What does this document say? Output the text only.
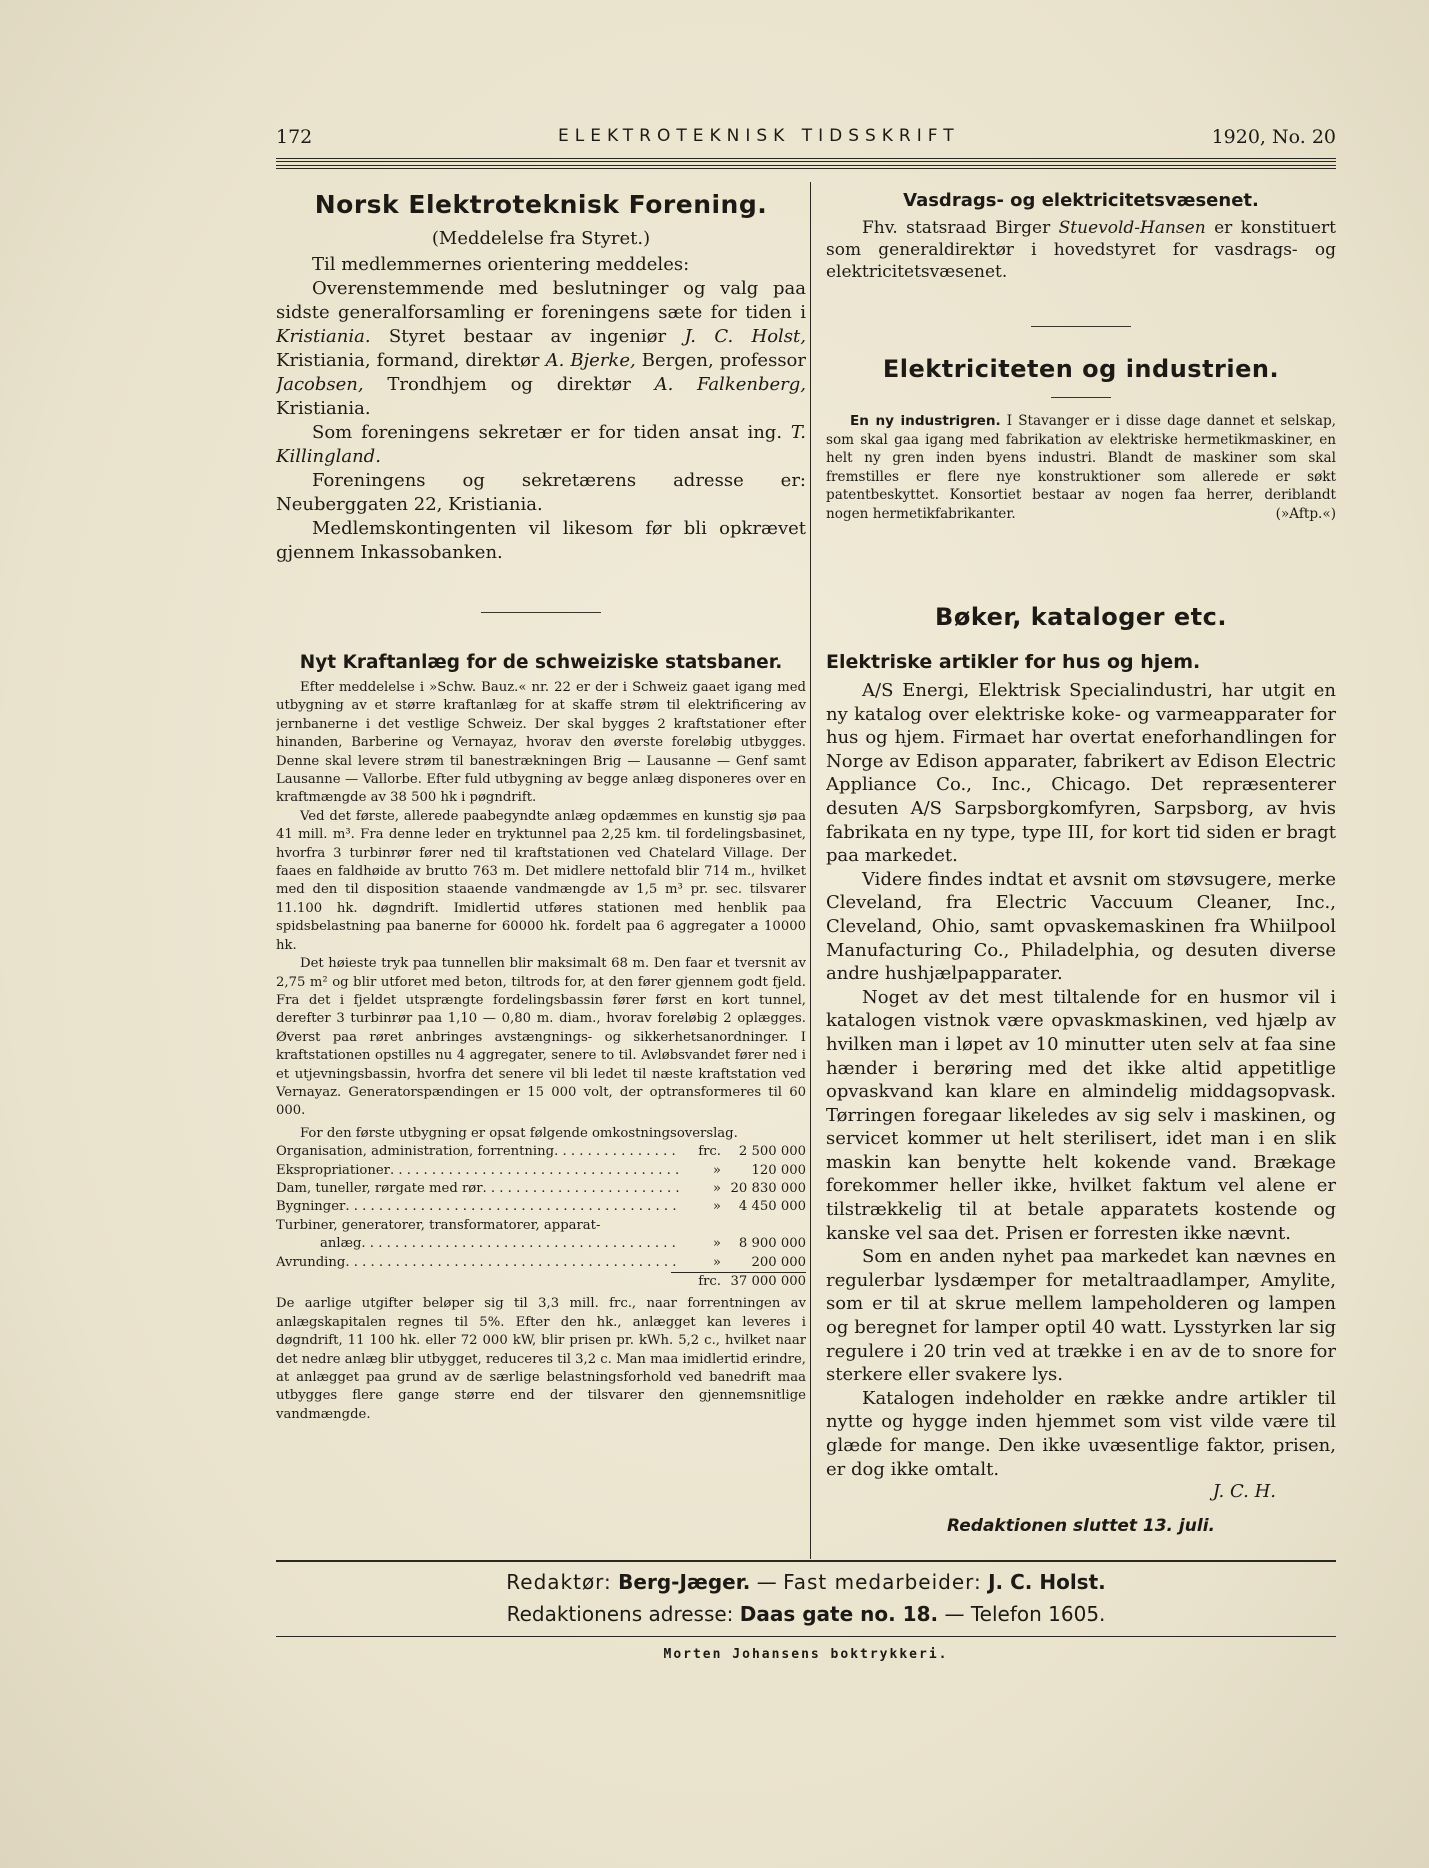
172	ELEKTROTEKNISK TIDSSKRIFT	1920, No. 20
Norsk Elektroteknisk Forening.

(Meddelelse fra Styret.)

Til medlemmernes orientering meddeles:

Overenstemmende med beslutninger og valg paa sidste generalforsamling er foreningens sæte for tiden i Kristiania. Styret bestaar av ingeniør J. C. Holst, Kristiania, formand, direktør A. Bjerke, Bergen, professor Jacobsen, Trondhjem og direktør A. Falkenberg, Kristiania.

Som foreningens sekretær er for tiden ansat ing. T. Killingland.

Foreningens og sekretærens adresse er: Neuberggaten 22, Kristiania.

Medlemskontingenten vil likesom før bli opkrævet gjennem Inkassobanken.

Nyt Kraftanlæg for de schweiziske statsbaner.

Efter meddelelse i »Schw. Bauz.« nr. 22 er der i Schweiz gaaet igang med utbygning av et større kraftanlæg for at skaffe strøm til elektrificering av jernbanerne i det vestlige Schweiz. Der skal bygges 2 kraftstationer efter hinanden, Barberine og Vernayaz, hvorav den øverste foreløbig utbygges. Denne skal levere strøm til banestrækningen Brig — Lausanne — Genf samt Lausanne — Vallorbe. Efter fuld utbygning av begge anlæg disponeres over en kraftmængde av 38 500 hk i pøgndrift.

Ved det første, allerede paabegyndte anlæg opdæmmes en kunstig sjø paa 41 mill. m³. Fra denne leder en tryktunnel paa 2,25 km. til fordelingsbasinet, hvorfra 3 turbinrør fører ned til kraftstationen ved Chatelard Village. Der faaes en faldhøide av brutto 763 m. Det midlere nettofald blir 714 m., hvilket med den til disposition staaende vandmængde av 1,5 m³ pr. sec. tilsvarer 11.100 hk. døgndrift. Imidlertid utføres stationen med henblik paa spidsbelastning paa banerne for 60000 hk. fordelt paa 6 aggregater a 10000 hk.

Det høieste tryk paa tunnellen blir maksimalt 68 m. Den faar et tversnit av 2,75 m² og blir utforet med beton, tiltrods for, at den fører gjennem godt fjeld. Fra det i fjeldet utsprængte fordelingsbassin fører først en kort tunnel, derefter 3 turbinrør paa 1,10 — 0,80 m. diam., hvorav foreløbig 2 oplægges. Øverst paa røret anbringes avstængnings- og sikkerhetsanordninger. I kraftstationen opstilles nu 4 aggregater, senere to til. Avløbsvandet fører ned i et utjevningsbassin, hvorfra det senere vil bli ledet til næste kraftstation ved Vernayaz. Generatorspændingen er 15 000 volt, der optransformeres til 60 000.

For den første utbygning er opsat følgende omkostningsoverslag.

Organisation, administration, forrentning . . .	frc.	2 500 000
Ekspropriationer . . .	»	120 000
Dam, tuneller, rørgate med rør . . .	» 20 830 000
Bygninger . . .	»	4 450 000
Turbiner, generatorer, transformatorer, apparat-
anlæg . . .	»	8 900 000
Avrunding . . .	»	200 000
frc. 37 000 000

De aarlige utgifter beløper sig til 3,3 mill. frc., naar forrentningen av anlægskapitalen regnes til 5%. Efter den hk., anlægget kan leveres i døgndrift, 11 100 hk. eller 72 000 kW, blir prisen pr. kWh. 5,2 c., hvilket naar det nedre anlæg blir utbygget, reduceres til 3,2 c. Man maa imidlertid erindre, at anlægget paa grund av de særlige belastningsforhold ved banedrift maa utbygges flere gange større end der tilsvarer den gjennemsnitlige vandmængde.

Vasdrags- og elektricitetsvæsenet.

Fhv. statsraad Birger Stuevold-Hansen er konstituert som generaldirektør i hovedstyret for vasdrags- og elektricitetsvæsenet.

Elektriciteten og industrien.

En ny industrigren. I Stavanger er i disse dage dannet et selskap, som skal gaa igang med fabrikation av elektriske hermetikmaskiner, en helt ny gren inden byens industri. Blandt de maskiner som skal fremstilles er flere nye konstruktioner som allerede er søkt patentbeskyttet. Konsortiet bestaar av nogen faa herrer, deriblandt nogen hermetikfabrikanter.	(»Aftp.«)

Bøker, kataloger etc.
Elektriske artikler for hus og hjem.

A/S Energi, Elektrisk Specialindustri, har utgit en ny katalog over elektriske koke- og varmeapparater for hus og hjem. Firmaet har overtat eneforhandlingen for Norge av Edison apparater, fabrikert av Edison Electric Appliance Co., Inc., Chicago. Det repræsenterer desuten A/S Sarpsborgkomfyren, Sarpsborg, av hvis fabrikata en ny type, type III, for kort tid siden er bragt paa markedet.

Videre findes indtat et avsnit om støvsugere, merke Cleveland, fra Electric Vaccuum Cleaner, Inc., Cleveland, Ohio, samt opvaskemaskinen fra Whiilpool Manufacturing Co., Philadelphia, og desuten diverse andre hushjælpapparater.

Noget av det mest tiltalende for en husmor vil i katalogen vistnok være opvaskmaskinen, ved hjælp av hvilken man i løpet av 10 minutter uten selv at faa sine hænder i berøring med det ikke altid appetitlige opvaskvand kan klare en almindelig middagsopvask. Tørringen foregaar likeledes av sig selv i maskinen, og servicet kommer ut helt sterilisert, idet man i en slik maskin kan benytte helt kokende vand. Brækage forekommer heller ikke, hvilket faktum vel alene er tilstrækkelig til at betale apparatets kostende og kanske vel saa det. Prisen er forresten ikke nævnt.

Som en anden nyhet paa markedet kan nævnes en regulerbar lysdæmper for metaltraadlamper, Amylite, som er til at skrue mellem lampeholderen og lampen og beregnet for lamper optil 40 watt. Lysstyrken lar sig regulere i 20 trin ved at trække i en av de to snore for sterkere eller svakere lys.

Katalogen indeholder en række andre artikler til nytte og hygge inden hjemmet som vist vilde være til glæde for mange. Den ikke uvæsentlige faktor, prisen, er dog ikke omtalt.

J. C. H.

Redaktionen sluttet 13. juli.

Redaktør: Berg-Jæger. — Fast medarbeider: J. C. Holst.
Redaktionens adresse: Daas gate no. 18. — Telefon 1605.
Morten Johansens boktrykkeri.
